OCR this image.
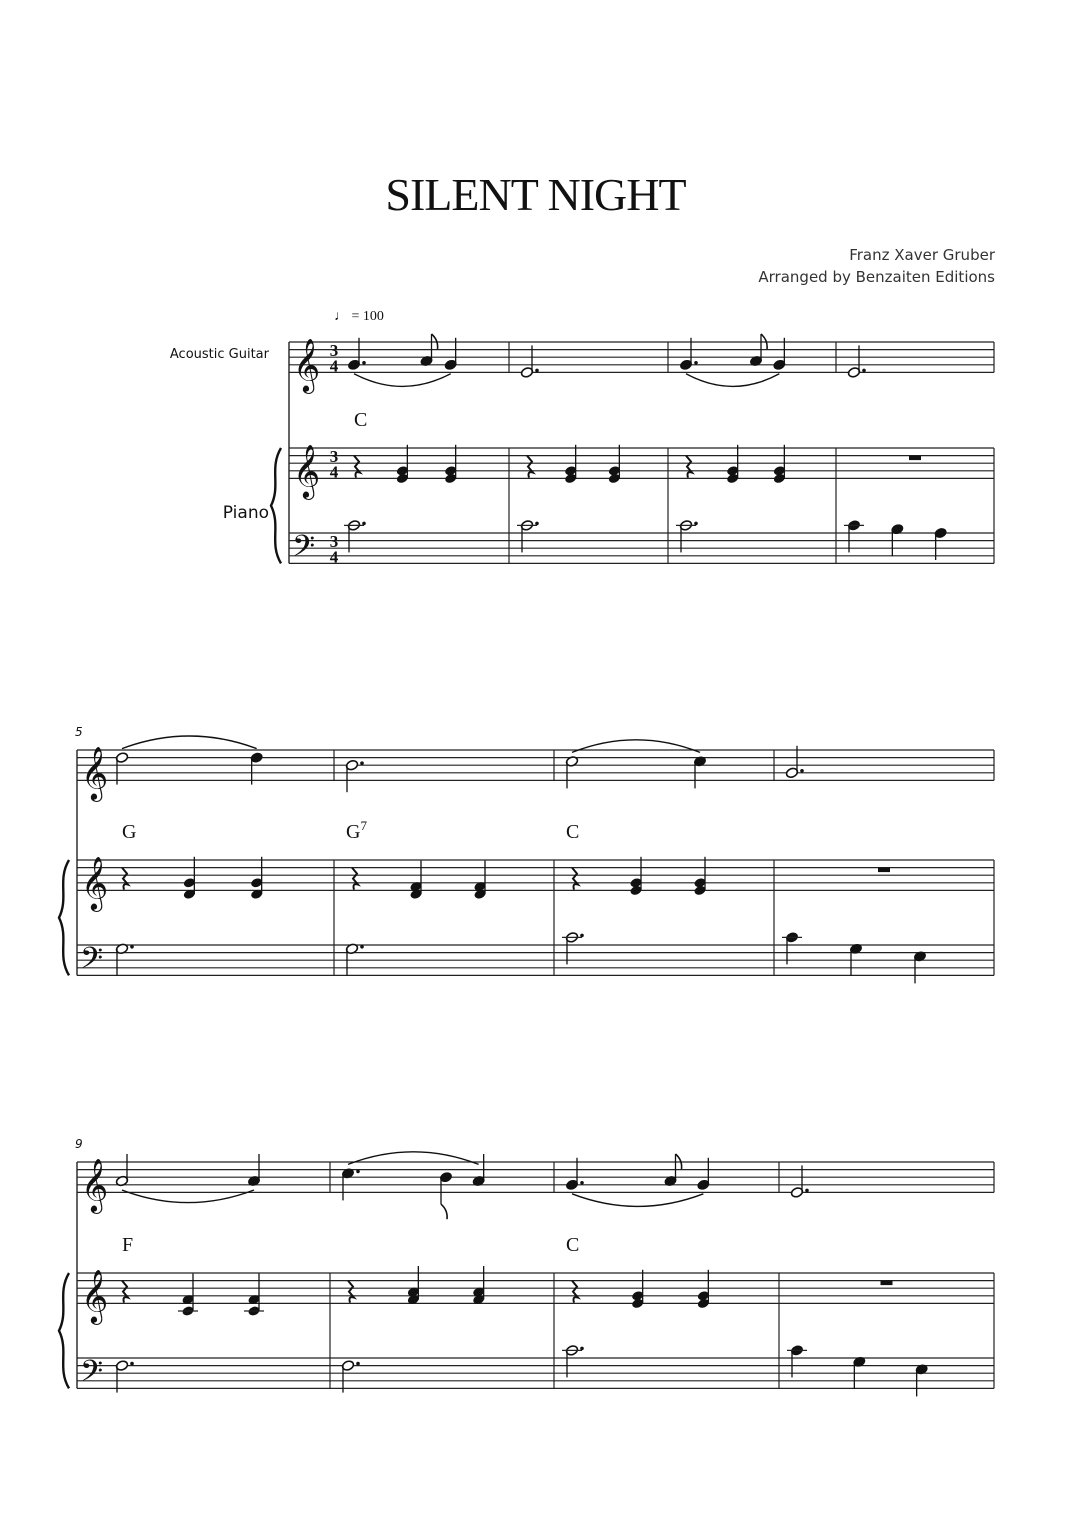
SILENT NIGHT
Franz Xaver Gruber
Arranged by Benzaiten Editions
𝄞
𝄞
𝄢
3
4
3
4
3
4
𝄞
𝄞
𝄢
5
𝄞
𝄞
𝄢
9
Acoustic Guitar
Piano
♩ = 100
C
G	$G^7$	C
F	C
